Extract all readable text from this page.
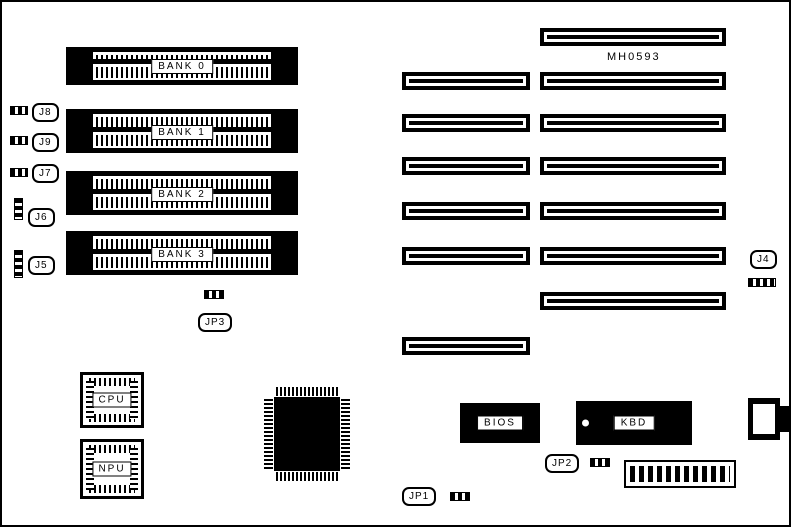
MH0593
BANK 0
BANK 1
BANK 2
BANK 3
J8
J9
J7
J6
J5
J4
JP3
CPU
NPU
BIOS	KBD
JP2
JP1
